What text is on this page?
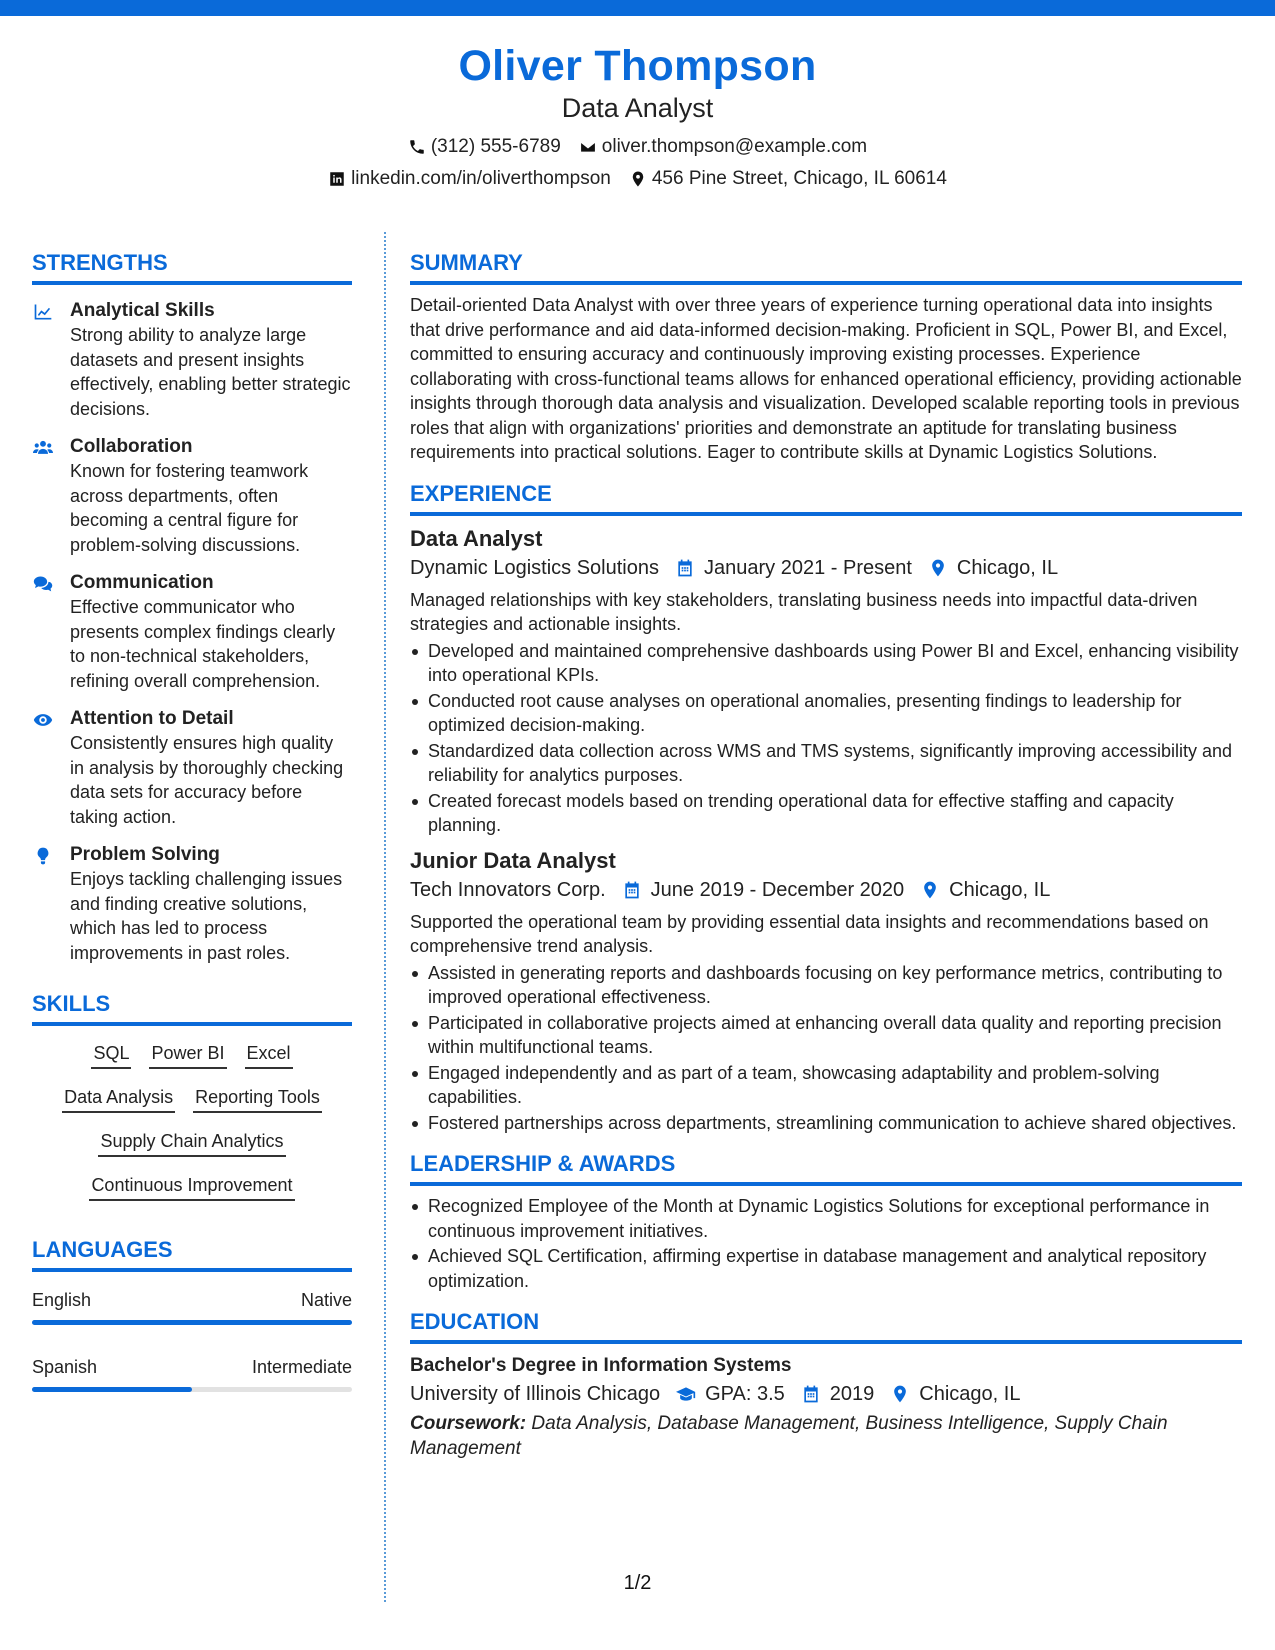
Oliver Thompson
Data Analyst
(312) 555-6789 oliver.thompson@example.com
linkedin.com/in/oliverthompson 456 Pine Street, Chicago, IL 60614
STRENGTHS
Analytical Skills
Strong ability to analyze large datasets and present insights effectively, enabling better strategic decisions.
Collaboration
Known for fostering teamwork across departments, often becoming a central figure for problem-solving discussions.
Communication
Effective communicator who presents complex findings clearly to non-technical stakeholders, refining overall comprehension.
Attention to Detail
Consistently ensures high quality in analysis by thoroughly checking data sets for accuracy before taking action.
Problem Solving
Enjoys tackling challenging issues and finding creative solutions, which has led to process improvements in past roles.
SKILLS
SQL Power BI Excel
Data Analysis Reporting Tools
Supply Chain Analytics
Continuous Improvement
LANGUAGES
English	Native
Spanish	Intermediate
SUMMARY
Detail-oriented Data Analyst with over three years of experience turning operational data into insights that drive performance and aid data-informed decision-making. Proficient in SQL, Power BI, and Excel, committed to ensuring accuracy and continuously improving existing processes. Experience collaborating with cross-functional teams allows for enhanced operational efficiency, providing actionable insights through thorough data analysis and visualization. Developed scalable reporting tools in previous roles that align with organizations' priorities and demonstrate an aptitude for translating business requirements into practical solutions. Eager to contribute skills at Dynamic Logistics Solutions.
EXPERIENCE
Data Analyst
Dynamic Logistics Solutions January 2021 - Present Chicago, IL
Managed relationships with key stakeholders, translating business needs into impactful data-driven strategies and actionable insights.
Developed and maintained comprehensive dashboards using Power BI and Excel, enhancing visibility into operational KPIs.
Conducted root cause analyses on operational anomalies, presenting findings to leadership for optimized decision-making.
Standardized data collection across WMS and TMS systems, significantly improving accessibility and reliability for analytics purposes.
Created forecast models based on trending operational data for effective staffing and capacity planning.
Junior Data Analyst
Tech Innovators Corp. June 2019 - December 2020 Chicago, IL
Supported the operational team by providing essential data insights and recommendations based on comprehensive trend analysis.
Assisted in generating reports and dashboards focusing on key performance metrics, contributing to improved operational effectiveness.
Participated in collaborative projects aimed at enhancing overall data quality and reporting precision within multifunctional teams.
Engaged independently and as part of a team, showcasing adaptability and problem-solving capabilities.
Fostered partnerships across departments, streamlining communication to achieve shared objectives.
LEADERSHIP & AWARDS
Recognized Employee of the Month at Dynamic Logistics Solutions for exceptional performance in continuous improvement initiatives.
Achieved SQL Certification, affirming expertise in database management and analytical repository optimization.
EDUCATION
Bachelor's Degree in Information Systems
University of Illinois Chicago GPA: 3.5 2019 Chicago, IL
Coursework: Data Analysis, Database Management, Business Intelligence, Supply Chain Management
1/2
